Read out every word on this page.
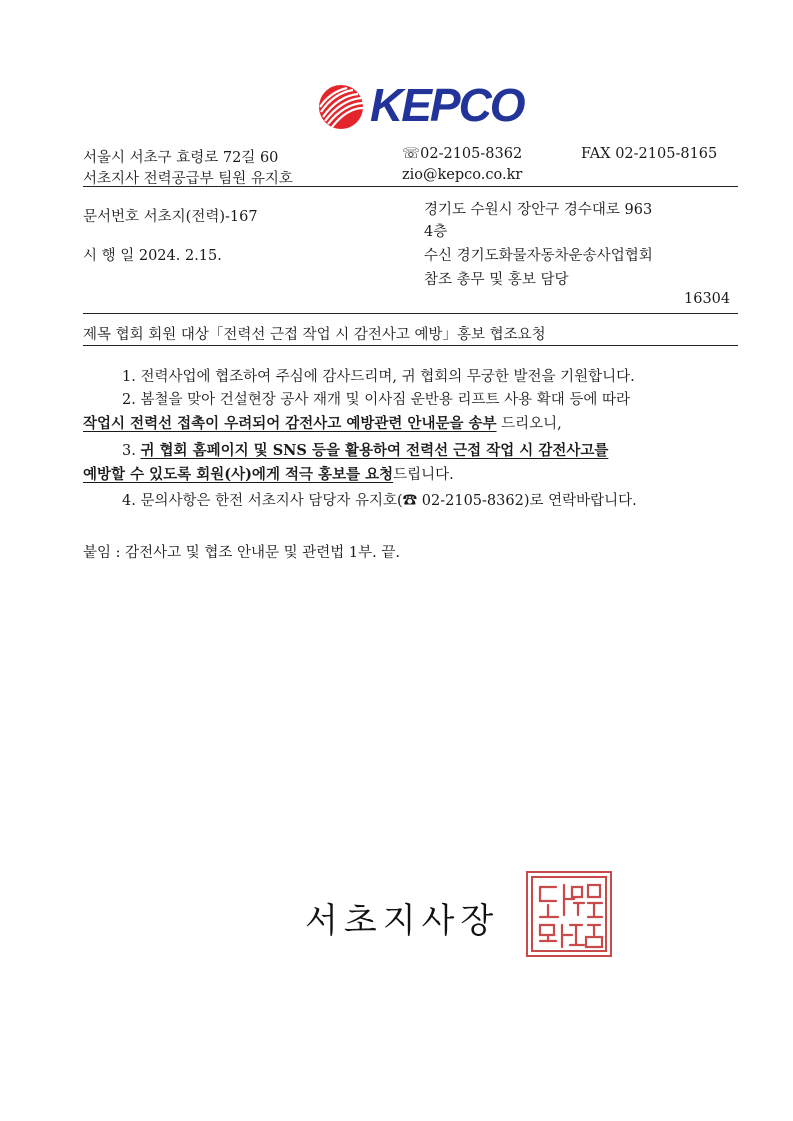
KEPCO
서울시 서초구 효령로 72길 60	☏02-2105-8362	FAX 02-2105-8165
서초지사 전력공급부 팀원 유지호	zio@kepco.co.kr
문서번호 서초지(전력)-167	경기도 수원시 장안구 경수대로 963
4층
시 행 일 2024. 2.15.	수신 경기도화물자동차운송사업협회
참조 총무 및 홍보 담당
16304
제목 협회 회원 대상「전력선 근접 작업 시 감전사고 예방」홍보 협조요청
1. 전력사업에 협조하여 주심에 감사드리며, 귀 협회의 무궁한 발전을 기원합니다.
2. 봄철을 맞아 건설현장 공사 재개 및 이사짐 운반용 리프트 사용 확대 등에 따라
작업시 전력선 접촉이 우려되어 감전사고 예방관련 안내문을 송부 드리오니,
3. 귀 협회 홈페이지 및 SNS 등을 활용하여 전력선 근접 작업 시 감전사고를
예방할 수 있도록 회원(사)에게 적극 홍보를 요청드립니다.
4. 문의사항은 한전 서초지사 담당자 유지호(☎ 02-2105-8362)로 연락바랍니다.
붙임 : 감전사고 및 협조 안내문 및 관련법 1부. 끝.
서초지사장
